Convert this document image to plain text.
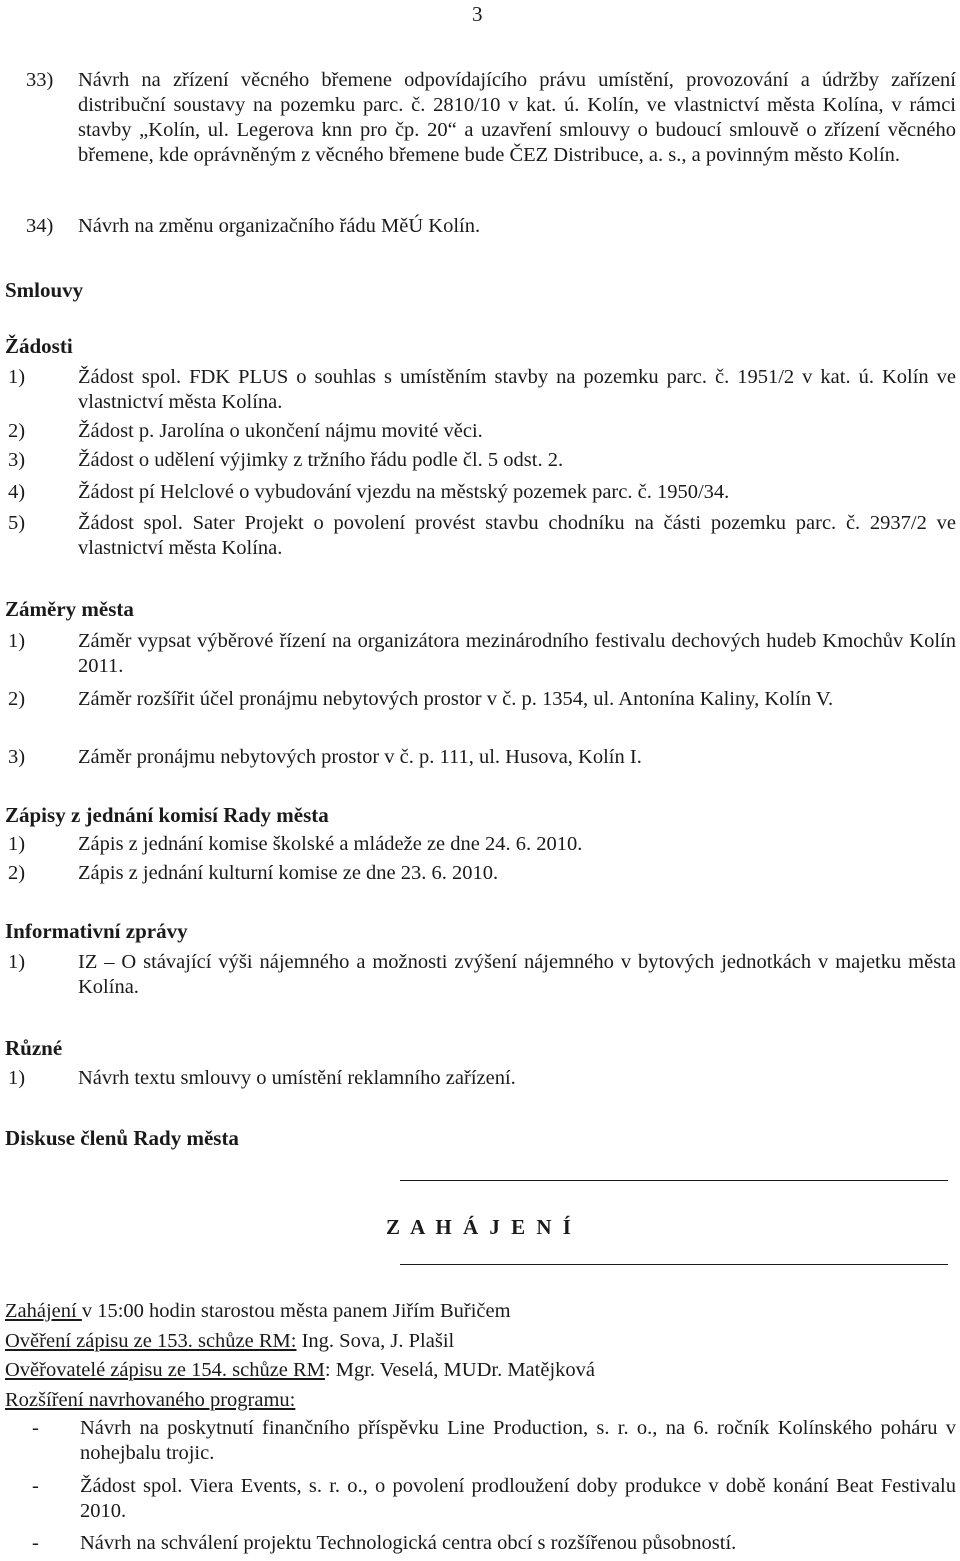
3
33)	Návrh na zřízení věcného břemene odpovídajícího právu umístění, provozování a údržby zařízení distribuční soustavy na pozemku parc. č. 2810/10 v kat. ú. Kolín, ve vlastnictví města Kolína, v rámci stavby „Kolín, ul. Legerova knn pro čp. 20“ a uzavření smlouvy o budoucí smlouvě o zřízení věcného břemene, kde oprávněným z věcného břemene bude ČEZ Distribuce, a. s., a povinným město Kolín.
34)	Návrh na změnu organizačního řádu MěÚ Kolín.
Smlouvy
Žádosti
1)	Žádost spol. FDK PLUS o souhlas s umístěním stavby na pozemku parc. č. 1951/2 v kat. ú. Kolín ve vlastnictví města Kolína.
2)	Žádost p. Jarolína o ukončení nájmu movité věci.
3)	Žádost o udělení výjimky z tržního řádu podle čl. 5 odst. 2.
4)	Žádost pí Helclové o vybudování vjezdu na městský pozemek parc. č. 1950/34.
5)	Žádost spol. Sater Projekt o povolení provést stavbu chodníku na části pozemku parc. č. 2937/2 ve vlastnictví města Kolína.
Záměry města
1)	Záměr vypsat výběrové řízení na organizátora mezinárodního festivalu dechových hudeb Kmochův Kolín 2011.
2)	Záměr rozšířit účel pronájmu nebytových prostor v č. p. 1354, ul. Antonína Kaliny, Kolín V.
3)	Záměr pronájmu nebytových prostor v č. p. 111, ul. Husova, Kolín I.
Zápisy z jednání komisí Rady města
1)	Zápis z jednání komise školské a mládeže ze dne 24. 6. 2010.
2)	Zápis z jednání kulturní komise ze dne 23. 6. 2010.
Informativní zprávy
1)	IZ – O stávající výši nájemného a možnosti zvýšení nájemného v bytových jednotkách v majetku města Kolína.
Různé
1)	Návrh textu smlouvy o umístění reklamního zařízení.
Diskuse členů Rady města
Z A H Á J E N Í
Zahájení v 15:00 hodin starostou města panem Jiřím Buřičem
Ověření zápisu ze 153. schůze RM: Ing. Sova, J. Plašil
Ověřovatelé zápisu ze 154. schůze RM: Mgr. Veselá, MUDr. Matějková
Rozšíření navrhovaného programu:
-	Návrh na poskytnutí finančního příspěvku Line Production, s. r. o., na 6. ročník Kolínského poháru v nohejbalu trojic.
-	Žádost spol. Viera Events, s. r. o., o povolení prodloužení doby produkce v době konání Beat Festivalu 2010.
-	Návrh na schválení projektu Technologická centra obcí s rozšířenou působností.
